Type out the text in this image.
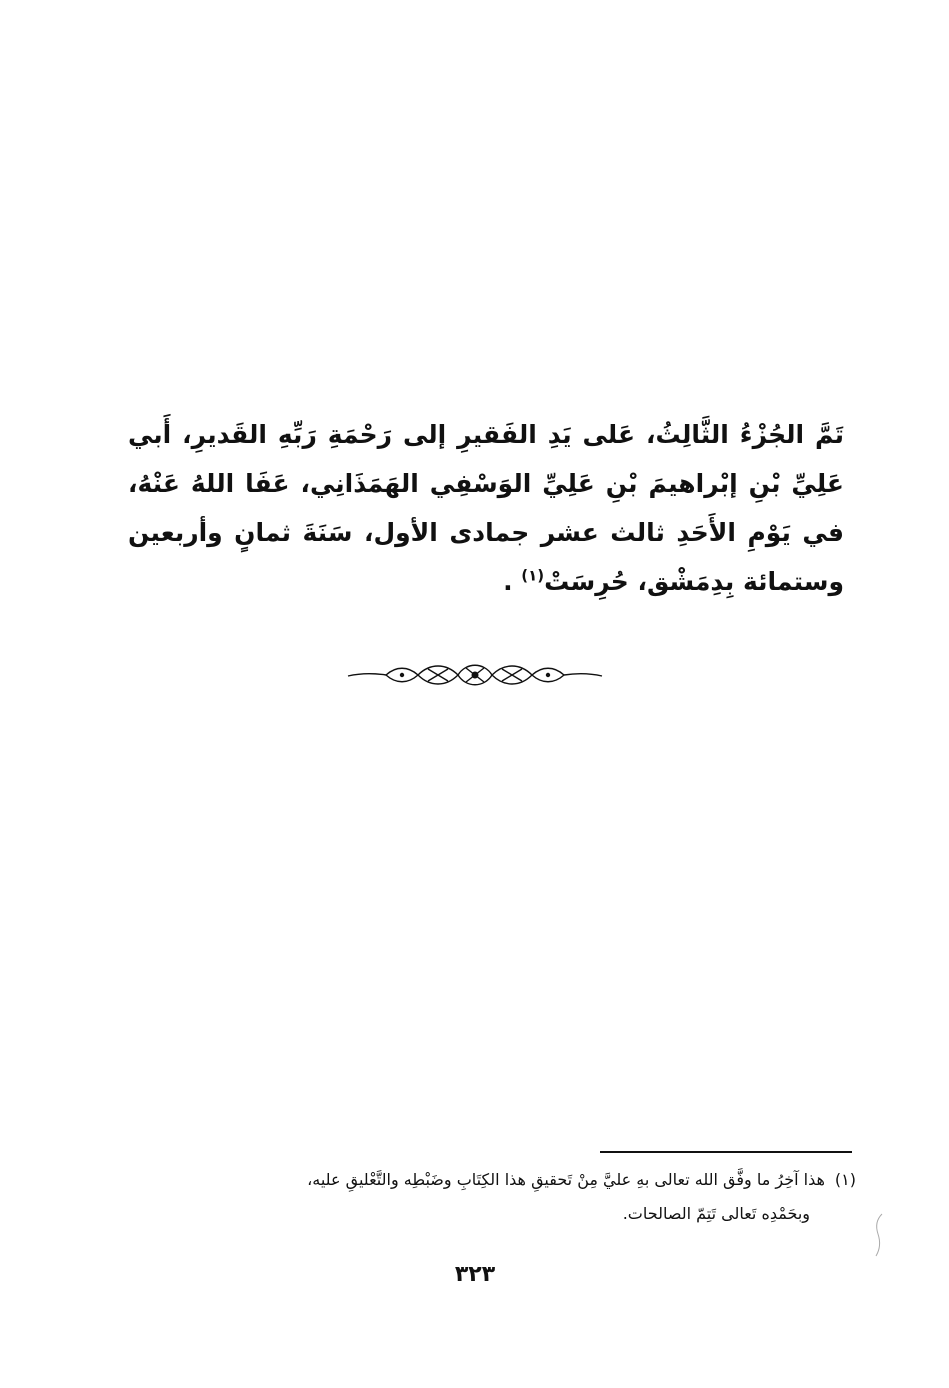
تَمَّ الجُزْءُ الثَّالِثُ، عَلى يَدِ الفَقيرِ إلى رَحْمَةِ رَبِّهِ القَديرِ، أَبي عَلِيِّ بْنِ إبْراهيمَ بْنِ عَلِيِّ الوَسْفِي الهَمَذَانِي، عَفَا اللهُ عَنْهُ، في يَوْمِ الأَحَدِ ثالث عشر جمادى الأول، سَنَةَ ثمانٍ وأربعين وستمائة بِدِمَشْق، حُرِسَتْ$^{(١)}$ .

(١)هذا آخِرُ ما وفَّق الله تعالى بهِ عليَّ مِنْ تَحقيقِ هذا الكِتَابِ وضَبْطِه والتَّعْليقِ عليه،
وبحَمْدِه تَعالى تَتِمّ الصالحات.

٣٢٣
